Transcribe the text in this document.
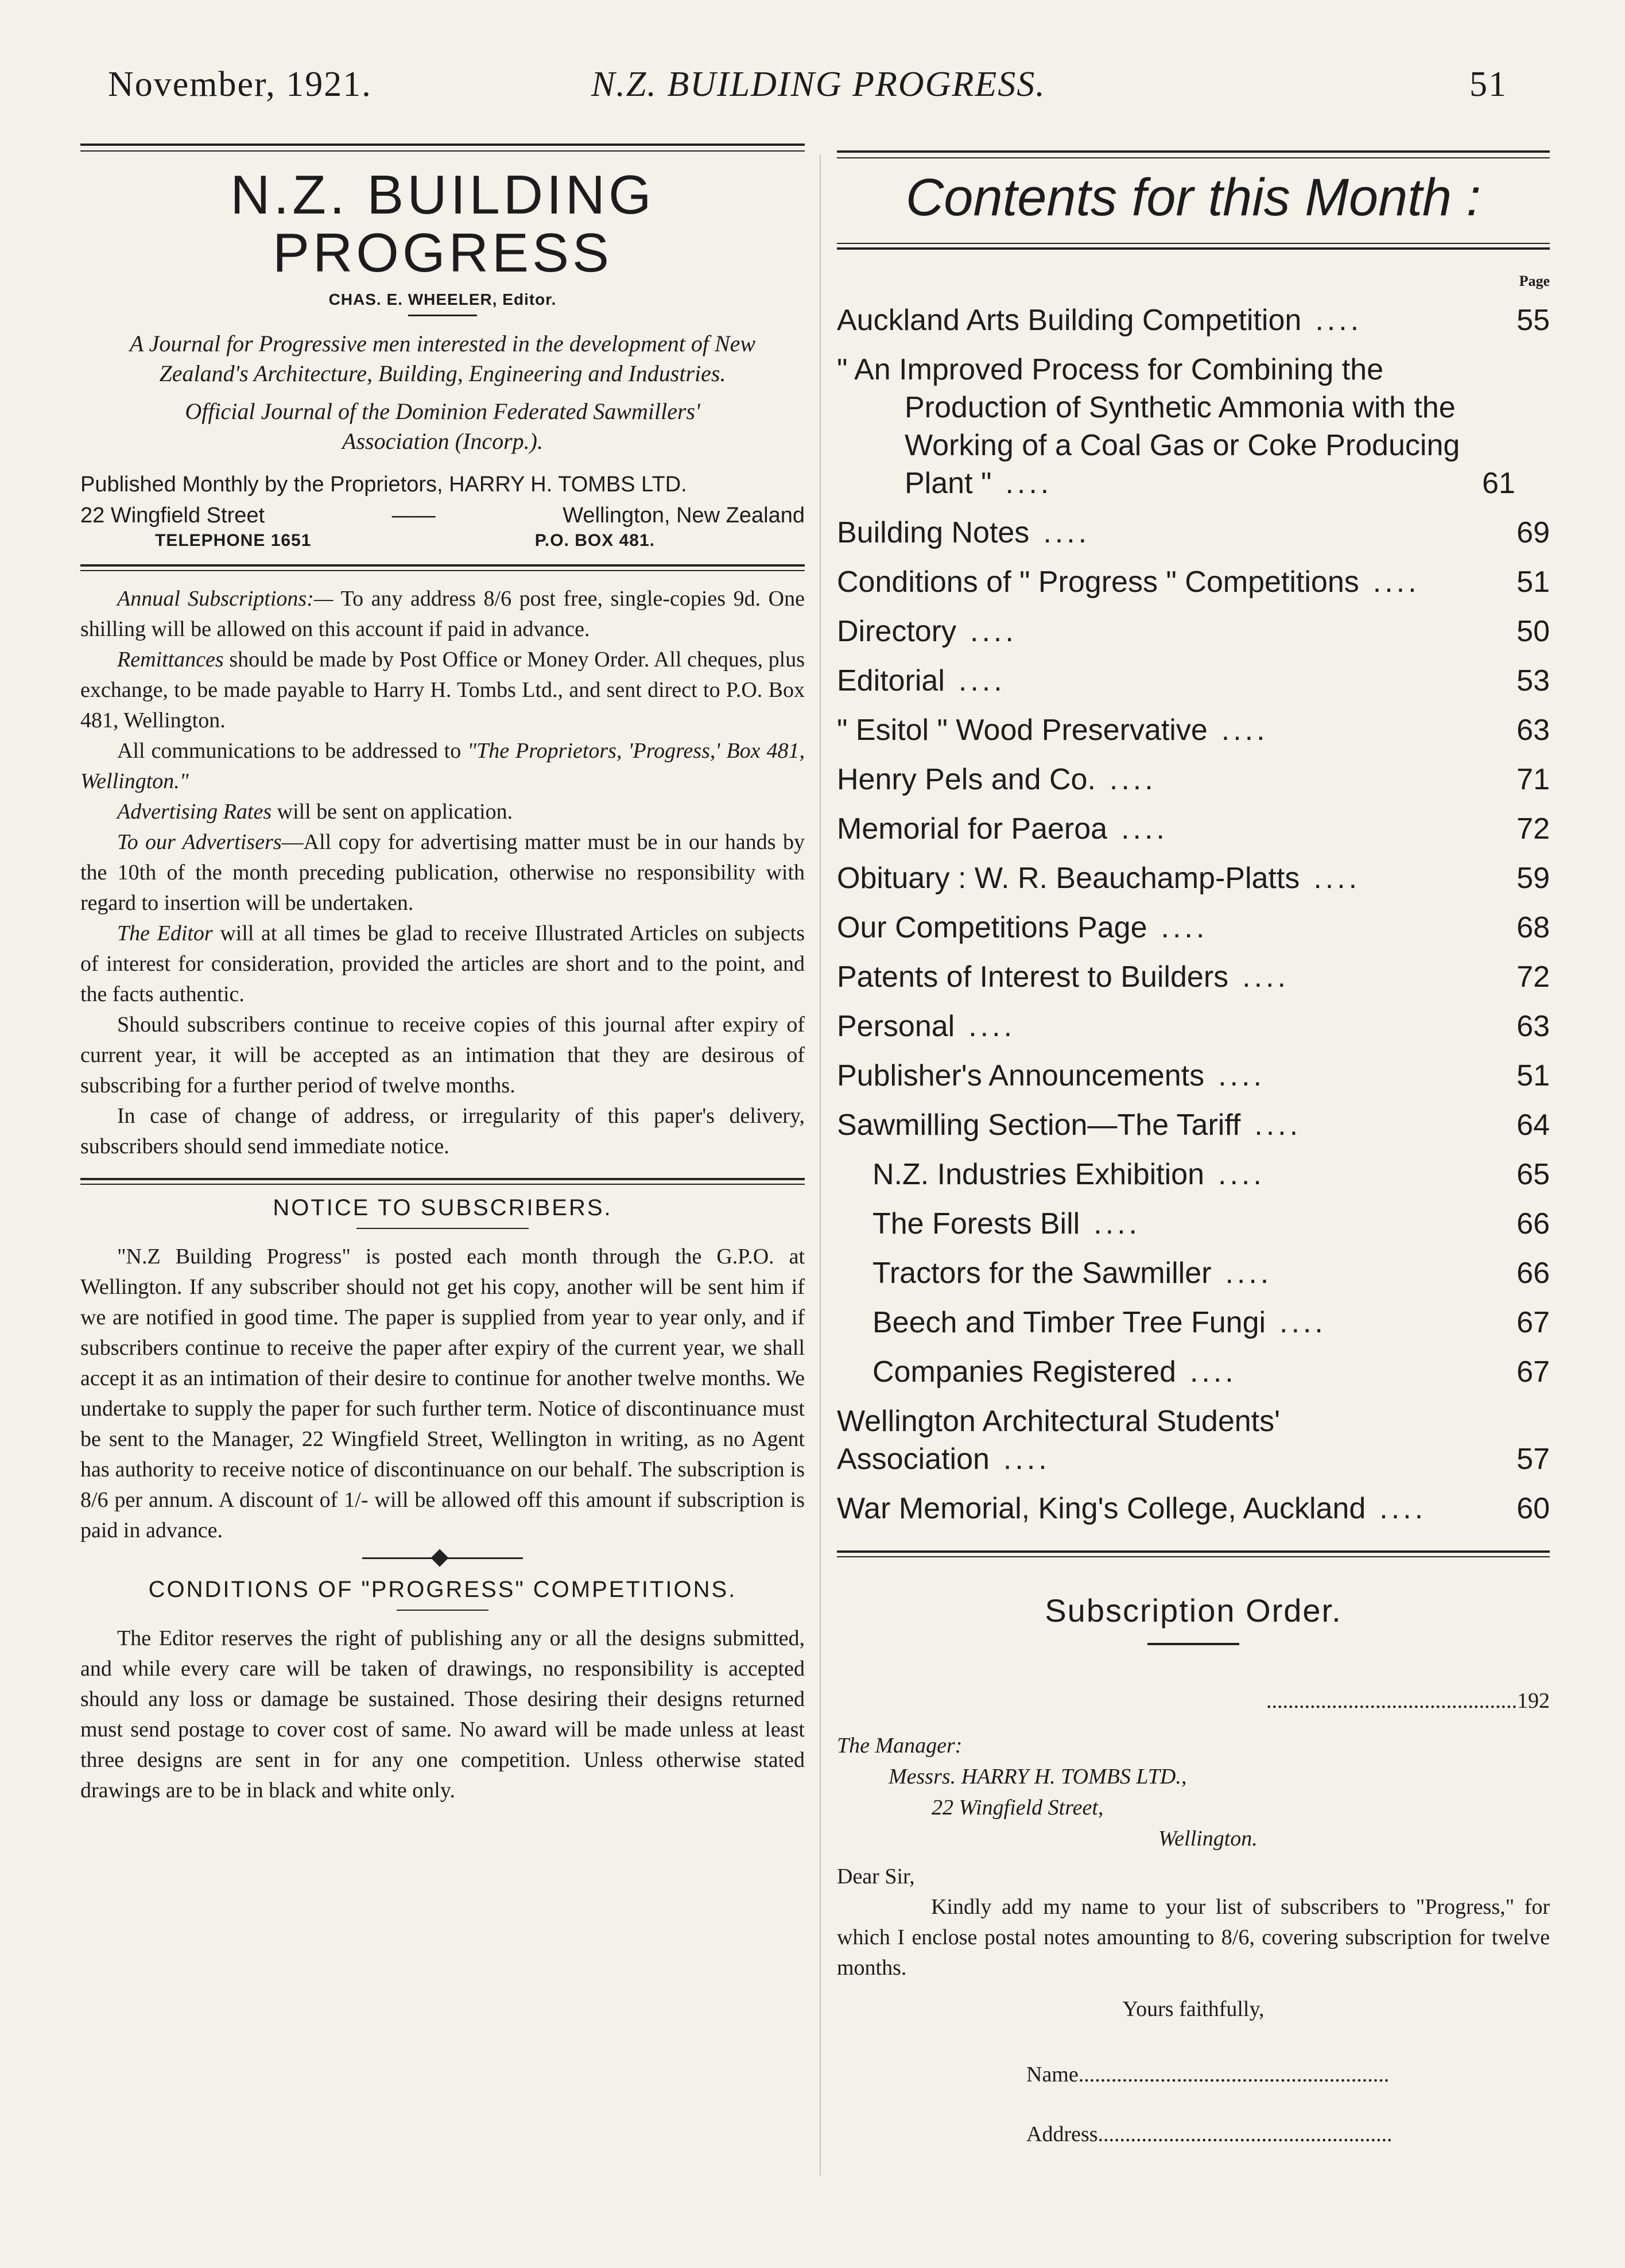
November, 1921.	N.Z. BUILDING PROGRESS.	51
N.Z. BUILDING PROGRESS
CHAS. E. WHEELER, Editor.
A Journal for Progressive men interested in the development of New Zealand's Architecture, Building, Engineering and Industries.
Official Journal of the Dominion Federated Sawmillers' Association (Incorp.).
Published Monthly by the Proprietors, HARRY H. TOMBS LTD.
22 Wingfield Street	Wellington, New Zealand
——
TELEPHONE 1651	P.O. BOX 481.

Annual Subscriptions:— To any address 8/6 post free, single-copies 9d. One shilling will be allowed on this account if paid in advance.

Remittances should be made by Post Office or Money Order. All cheques, plus exchange, to be made payable to Harry H. Tombs Ltd., and sent direct to P.O. Box 481, Wellington.

All communications to be addressed to "The Proprietors, 'Progress,' Box 481, Wellington."

Advertising Rates will be sent on application.

To our Advertisers—All copy for advertising matter must be in our hands by the 10th of the month preceding publication, otherwise no responsibility with regard to insertion will be undertaken.

The Editor will at all times be glad to receive Illustrated Articles on subjects of interest for consideration, provided the articles are short and to the point, and the facts authentic.

Should subscribers continue to receive copies of this journal after expiry of current year, it will be accepted as an intimation that they are desirous of subscribing for a further period of twelve months.

In case of change of address, or irregularity of this paper's delivery, subscribers should send immediate notice.

NOTICE TO SUBSCRIBERS.

"N.Z Building Progress" is posted each month through the G.P.O. at Wellington. If any subscriber should not get his copy, another will be sent him if we are notified in good time. The paper is supplied from year to year only, and if subscribers continue to receive the paper after expiry of the current year, we shall accept it as an intimation of their desire to continue for another twelve months. We undertake to supply the paper for such further term. Notice of discontinuance must be sent to the Manager, 22 Wingfield Street, Wellington in writing, as no Agent has authority to receive notice of discontinuance on our behalf. The subscription is 8/6 per annum. A discount of 1/- will be allowed off this amount if subscription is paid in advance.

CONDITIONS OF "PROGRESS" COMPETITIONS.

The Editor reserves the right of publishing any or all the designs submitted, and while every care will be taken of drawings, no responsibility is accepted should any loss or damage be sustained. Those desiring their designs returned must send postage to cover cost of same. No award will be made unless at least three designs are sent in for any one competition. Unless otherwise stated drawings are to be in black and white only.

Contents for this Month :
Page
Auckland Arts Building Competition ....	55
" An Improved Process for Combining the Production of Synthetic Ammonia with the Working of a Coal Gas or Coke Producing Plant " ....	61
Building Notes ....	69
Conditions of " Progress " Competitions ....	51
Directory ....	50
Editorial ....	53
" Esitol " Wood Preservative ....	63
Henry Pels and Co. ....	71
Memorial for Paeroa ....	72
Obituary : W. R. Beauchamp-Platts ....	59
Our Competitions Page ....	68
Patents of Interest to Builders ....	72
Personal ....	63
Publisher's Announcements ....	51
Sawmilling Section—The Tariff ....	64
N.Z. Industries Exhibition ....	65
The Forests Bill ....	66
Tractors for the Sawmiller ....	66
Beech and Timber Tree Fungi ....	67
Companies Registered ....	67
Wellington Architectural Students' Association ....	57
War Memorial, King's College, Auckland ....	60
Subscription Order.
..............................................192
The Manager:
Messrs. HARRY H. TOMBS LTD.,
22 Wingfield Street,
Wellington.
Dear Sir,

Kindly add my name to your list of subscribers to "Progress," for which I enclose postal notes amounting to 8/6, covering subscription for twelve months.

Yours faithfully,
Name.........................................................
Address......................................................
